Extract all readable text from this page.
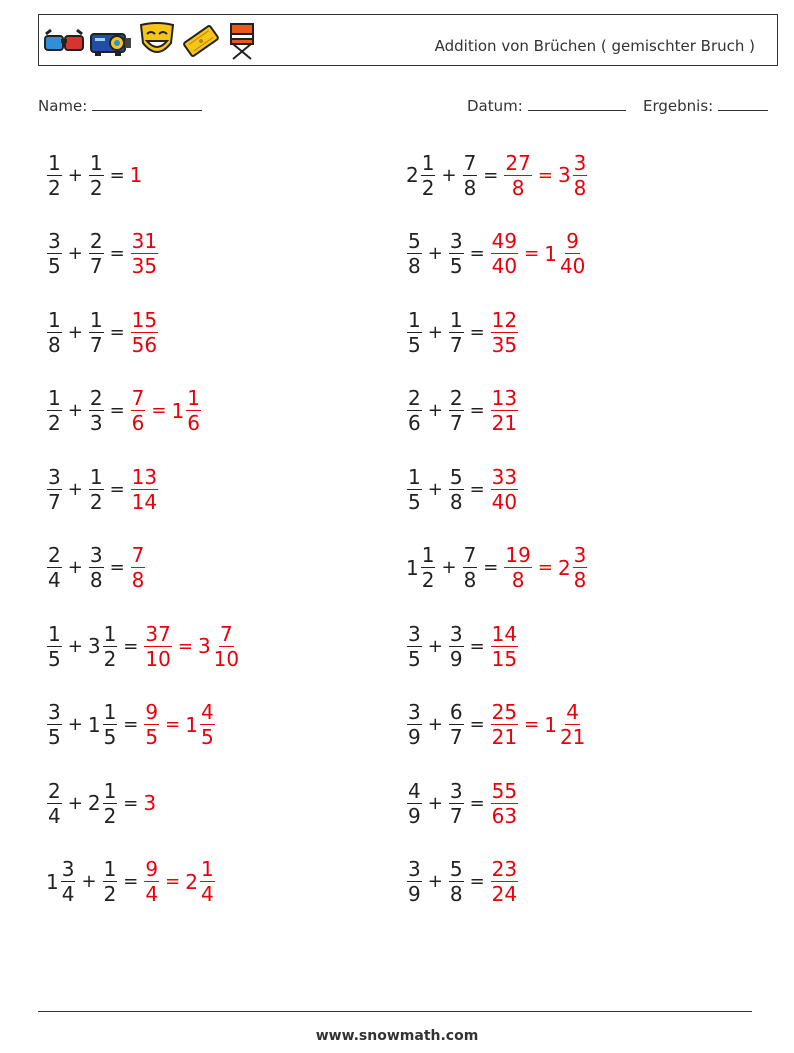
Addition von Brüchen ( gemischter Bruch )
Name:	Datum:	Ergebnis:
$\frac{1}{2} + \frac{1}{2} = 1$	$2 \frac{1}{2} + \frac{7}{8} = \frac{27}{8} = 3 \frac{3}{8}$
$\frac{3}{5} + \frac{2}{7} = \frac{31}{35}$	$\frac{5}{8} + \frac{3}{5} = \frac{49}{40} = 1 \frac{9}{40}$
$\frac{1}{8} + \frac{1}{7} = \frac{15}{56}$	$\frac{1}{5} + \frac{1}{7} = \frac{12}{35}$
$\frac{1}{2} + \frac{2}{3} = \frac{7}{6} = 1 \frac{1}{6}$	$\frac{2}{6} + \frac{2}{7} = \frac{13}{21}$
$\frac{3}{7} + \frac{1}{2} = \frac{13}{14}$	$\frac{1}{5} + \frac{5}{8} = \frac{33}{40}$
$\frac{2}{4} + \frac{3}{8} = \frac{7}{8}$	$1 \frac{1}{2} + \frac{7}{8} = \frac{19}{8} = 2 \frac{3}{8}$
$\frac{1}{5} + 3 \frac{1}{2} = \frac{37}{10} = 3 \frac{7}{10}$	$\frac{3}{5} + \frac{3}{9} = \frac{14}{15}$
$\frac{3}{5} + 1 \frac{1}{5} = \frac{9}{5} = 1 \frac{4}{5}$	$\frac{3}{9} + \frac{6}{7} = \frac{25}{21} = 1 \frac{4}{21}$
$\frac{2}{4} + 2 \frac{1}{2} = 3$	$\frac{4}{9} + \frac{3}{7} = \frac{55}{63}$
$1 \frac{3}{4} + \frac{1}{2} = \frac{9}{4} = 2 \frac{1}{4}$	$\frac{3}{9} + \frac{5}{8} = \frac{23}{24}$
www.snowmath.com
